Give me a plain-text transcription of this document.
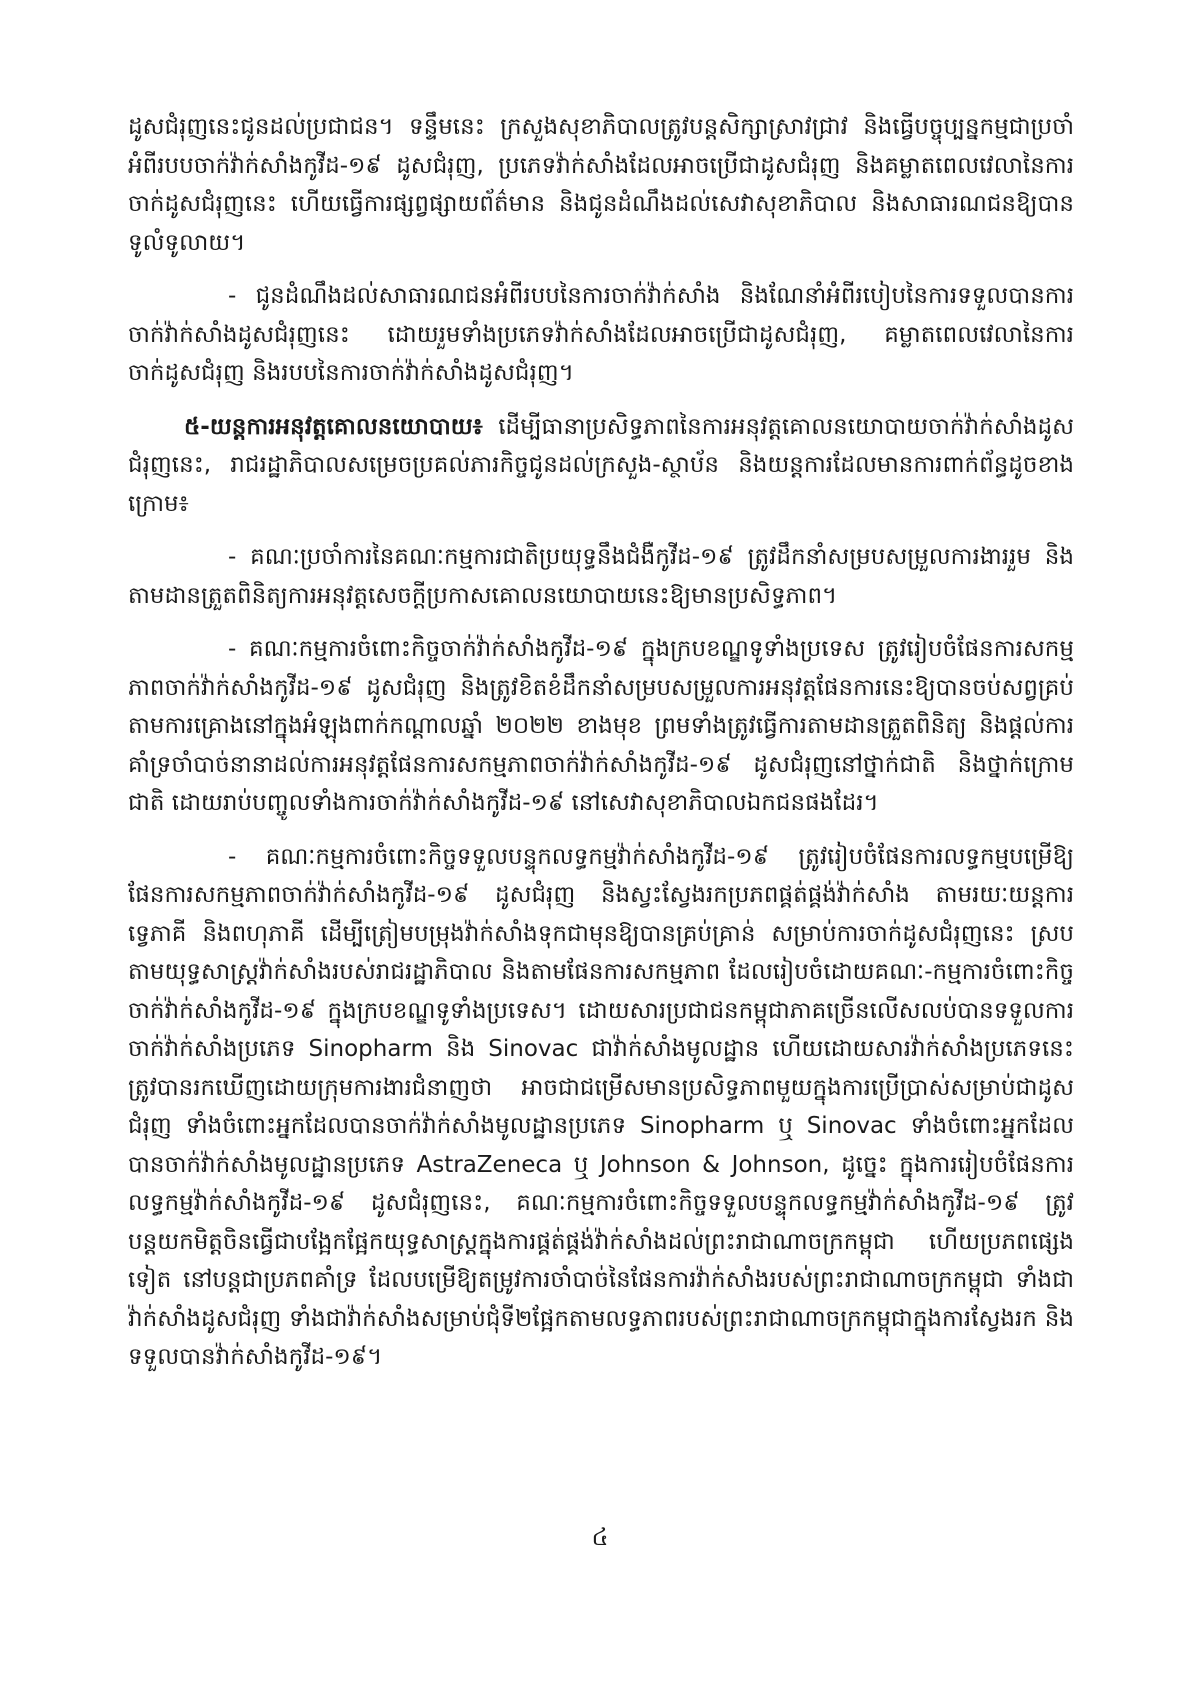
ដូសជំរុញនេះជូនដល់ប្រជាជន។ ទន្ទឹមនេះ ក្រសួងសុខាភិបាលត្រូវបន្តសិក្សាស្រាវជ្រាវ និងធ្វើបច្ចុប្បន្នកម្មជាប្រចាំអំពីរបបចាក់វ៉ាក់សាំងកូវីដ-១៩ ដូសជំរុញ, ប្រភេទវ៉ាក់សាំងដែលអាចប្រើជាដូសជំរុញ និងគម្លាតពេលវេលានៃការចាក់ដូសជំរុញនេះ ហើយធ្វើការផ្សព្វផ្សាយព័ត៌មាន និងជូនដំណឹងដល់សេវាសុខាភិបាល និងសាធារណជនឱ្យបានទូលំទូលាយ។

- ជូនដំណឹងដល់សាធារណជនអំពីរបបនៃការចាក់វ៉ាក់សាំង និងណែនាំអំពីរបៀបនៃការទទួលបានការចាក់វ៉ាក់សាំងដូសជំរុញនេះ ដោយរួមទាំងប្រភេទវ៉ាក់សាំងដែលអាចប្រើជាដូសជំរុញ, គម្លាតពេលវេលានៃការចាក់ដូសជំរុញ និងរបបនៃការចាក់វ៉ាក់សាំងដូសជំរុញ។

៥-យន្តការអនុវត្តគោលនយោបាយ៖ ដើម្បីធានាប្រសិទ្ធភាពនៃការអនុវត្តគោលនយោបាយចាក់វ៉ាក់សាំងដូសជំរុញនេះ, រាជរដ្ឋាភិបាលសម្រេចប្រគល់ភារកិច្ចជូនដល់ក្រសួង-ស្ថាប័ន និងយន្តការដែលមានការពាក់ព័ន្ធដូចខាងក្រោម៖

- គណៈប្រចាំការនៃគណៈកម្មការជាតិប្រយុទ្ធនឹងជំងឺកូវីដ-១៩ ត្រូវដឹកនាំសម្របសម្រួលការងាររួម និងតាមដានត្រួតពិនិត្យការអនុវត្តសេចក្ដីប្រកាសគោលនយោបាយនេះឱ្យមានប្រសិទ្ធភាព។

- គណៈកម្មការចំពោះកិច្ចចាក់វ៉ាក់សាំងកូវីដ-១៩ ក្នុងក្របខណ្ឌទូទាំងប្រទេស ត្រូវរៀបចំផែនការសកម្មភាពចាក់វ៉ាក់សាំងកូវីដ-១៩ ដូសជំរុញ និងត្រូវខិតខំដឹកនាំសម្របសម្រួលការអនុវត្តផែនការនេះឱ្យបានចប់សព្វគ្រប់តាមការគ្រោងនៅក្នុងអំឡុងពាក់កណ្ដាលឆ្នាំ ២០២២ ខាងមុខ ព្រមទាំងត្រូវធ្វើការតាមដានត្រួតពិនិត្យ និងផ្ដល់ការគាំទ្រចាំបាច់នានាដល់ការអនុវត្តផែនការសកម្មភាពចាក់វ៉ាក់សាំងកូវីដ-១៩ ដូសជំរុញនៅថ្នាក់ជាតិ និងថ្នាក់ក្រោមជាតិ ដោយរាប់បញ្ចូលទាំងការចាក់វ៉ាក់សាំងកូវីដ-១៩ នៅសេវាសុខាភិបាលឯកជនផងដែរ។

- គណៈកម្មការចំពោះកិច្ចទទួលបន្ទុកលទ្ធកម្មវ៉ាក់សាំងកូវីដ-១៩ ត្រូវរៀបចំផែនការលទ្ធកម្មបម្រើឱ្យផែនការសកម្មភាពចាក់វ៉ាក់សាំងកូវីដ-១៩ ដូសជំរុញ និងស្វះស្វែងរកប្រភពផ្គត់ផ្គង់វ៉ាក់សាំង តាមរយៈយន្តការទ្វេភាគី និងពហុភាគី ដើម្បីត្រៀមបម្រុងវ៉ាក់សាំងទុកជាមុនឱ្យបានគ្រប់គ្រាន់ សម្រាប់ការចាក់ដូសជំរុញនេះ ស្របតាមយុទ្ធសាស្ត្រវ៉ាក់សាំងរបស់រាជរដ្ឋាភិបាល និងតាមផែនការសកម្មភាព ដែលរៀបចំដោយគណៈ-កម្មការចំពោះកិច្ចចាក់វ៉ាក់សាំងកូវីដ-១៩ ក្នុងក្របខណ្ឌទូទាំងប្រទេស។ ដោយសារប្រជាជនកម្ពុជាភាគច្រើនលើសលប់បានទទួលការចាក់វ៉ាក់សាំងប្រភេទ Sinopharm និង Sinovac ជាវ៉ាក់សាំងមូលដ្ឋាន ហើយដោយសារវ៉ាក់សាំងប្រភេទនេះ ត្រូវបានរកឃើញដោយក្រុមការងារជំនាញថា អាចជាជម្រើសមានប្រសិទ្ធភាពមួយក្នុងការប្រើប្រាស់សម្រាប់ជាដូសជំរុញ ទាំងចំពោះអ្នកដែលបានចាក់វ៉ាក់សាំងមូលដ្ឋានប្រភេទ Sinopharm ឬ Sinovac ទាំងចំពោះអ្នកដែលបានចាក់វ៉ាក់សាំងមូលដ្ឋានប្រភេទ AstraZeneca ឬ Johnson & Johnson, ដូច្នេះ ក្នុងការរៀបចំផែនការលទ្ធកម្មវ៉ាក់សាំងកូវីដ-១៩ ដូសជំរុញនេះ, គណៈកម្មការចំពោះកិច្ចទទួលបន្ទុកលទ្ធកម្មវ៉ាក់សាំងកូវីដ-១៩ ត្រូវបន្តយកមិត្តចិនធ្វើជាបង្អែកផ្អែកយុទ្ធសាស្ត្រក្នុងការផ្គត់ផ្គង់វ៉ាក់សាំងដល់ព្រះរាជាណាចក្រកម្ពុជា ហើយប្រភពផ្សេងទៀត នៅបន្តជាប្រភពគាំទ្រ ដែលបម្រើឱ្យតម្រូវការចាំបាច់នៃផែនការវ៉ាក់សាំងរបស់ព្រះរាជាណាចក្រកម្ពុជា ទាំងជាវ៉ាក់សាំងដូសជំរុញ ទាំងជាវ៉ាក់សាំងសម្រាប់ជុំទី២ផ្អែកតាមលទ្ធភាពរបស់ព្រះរាជាណាចក្រកម្ពុជាក្នុងការស្វែងរក និងទទួលបានវ៉ាក់សាំងកូវីដ-១៩។

៤
